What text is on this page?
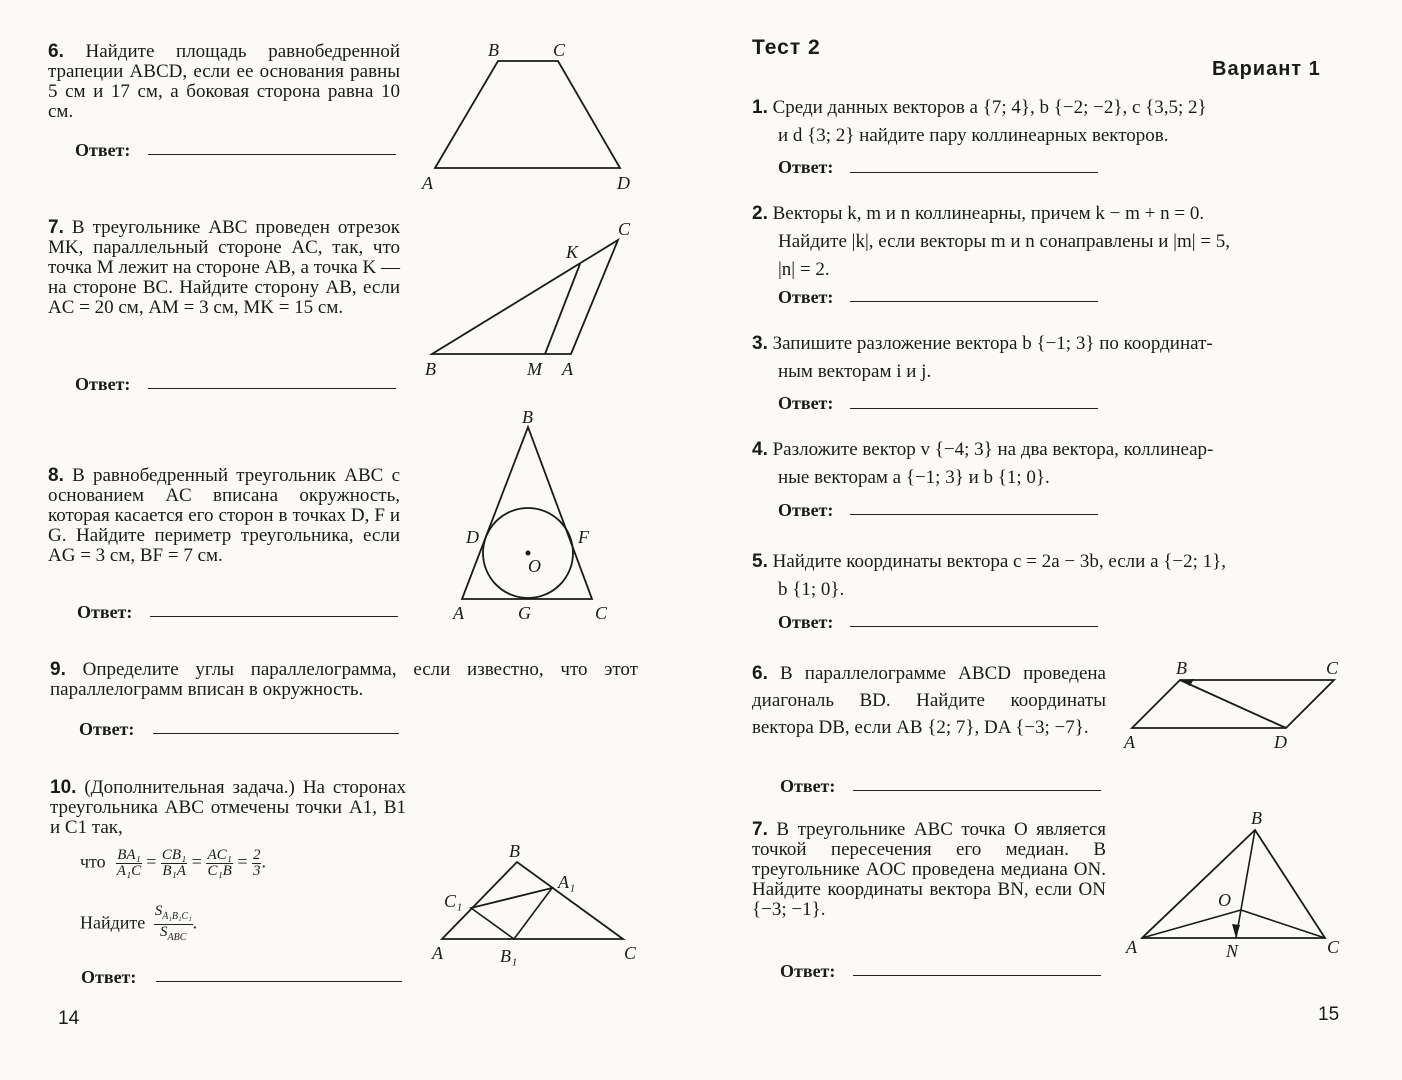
6. Найдите площадь равнобедренной трапеции ABCD, если ее основания равны 5 см и 17 см, а боковая сторона равна 10 см.
Ответ:
B	C
A	D
7. В треугольнике ABC проведен отрезок MK, параллельный стороне AC, так, что точка M лежит на стороне AB, а точка K — на стороне BC. Найдите сторону AB, если AC = 20 см, AM = 3 см, MK = 15 см.
Ответ:
C
K
B	M A
8. В равнобедренный треугольник ABC с основанием AC вписана окружность, которая касается его сторон в точках D, F и G. Найдите периметр треугольника, если AG = 3 см, BF = 7 см.
Ответ:
B
D	F
O
A	G	C
9. Определите углы параллелограмма, если известно, что этот параллелограмм вписан в окружность.
Ответ:
10. (Дополнительная задача.) На сторонах треугольника ABC отмечены точки A1, B1 и C1 так,
что $\frac{\text{BA₁}}{\text{A₁C}} = \frac{\text{CB₁}}{\text{B₁A}} = \frac{\text{AC₁}}{\text{C₁B}} = \frac{2}{3}$ .
Найдите $\frac{S_{A_1B_1C_1}}{S_{ABC}}$ .
Ответ:
B
C₁
A₁
A	B₁	C
14
Тест 2
Вариант 1
1. Среди данных векторов a {7; 4}, b {−2; −2}, c {3,5; 2}
и d {3; 2} найдите пару коллинеарных векторов.
Ответ:
2. Векторы k, m и n коллинеарны, причем k − m + n = 0.
Найдите |k|, если векторы m и n сонаправлены и |m| = 5,
|n| = 2.
Ответ:
3. Запишите разложение вектора b {−1; 3} по координат-
ным векторам i и j.
Ответ:
4. Разложите вектор v {−4; 3} на два вектора, коллинеар-
ные векторам a {−1; 3} и b {1; 0}.
Ответ:
5. Найдите координаты вектора c = 2a − 3b, если a {−2; 1},
b {1; 0}.
Ответ:
6. В параллелограмме ABCD проведена диагональ BD. Найдите координаты вектора DB, если AB {2; 7}, DA {−3; −7}.
Ответ:
B	C
A	D
7. В треугольнике ABC точка O является точкой пересечения его медиан. В треугольнике AOC проведена медиана ON. Найдите координаты вектора BN, если ON {−3; −1}.
Ответ:
B
O
A	N	C
15
